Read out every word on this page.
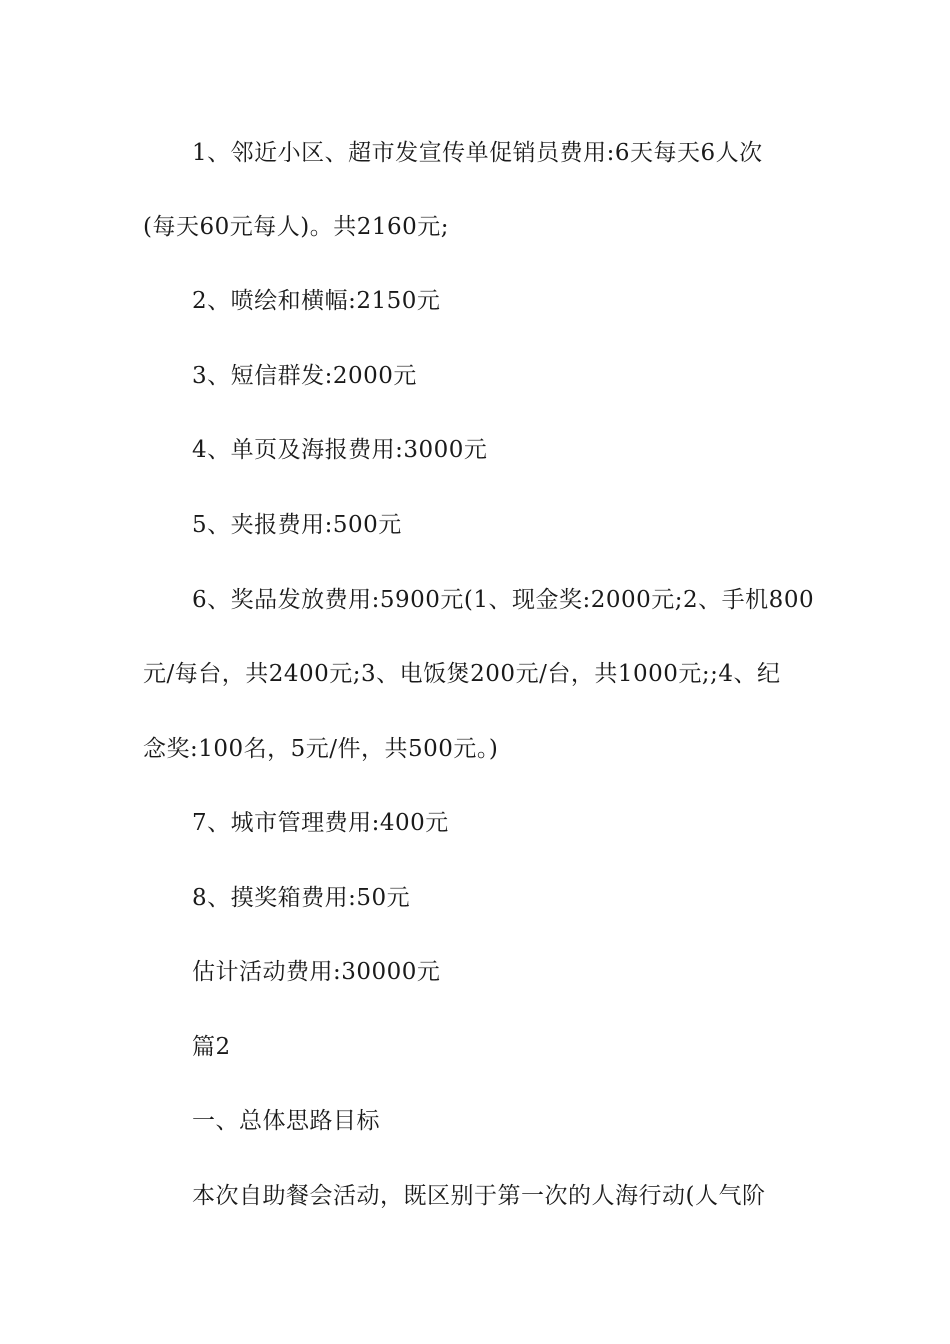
1、邻近小区、超市发宣传单促销员费用:6天每天6人次
(每天60元每人)。共2160元;
2、喷绘和横幅:2150元
3、短信群发:2000元
4、单页及海报费用:3000元
5、夹报费用:500元
6、奖品发放费用:5900元(1、现金奖:2000元;2、手机800
元/每台，共2400元;3、电饭煲200元/台，共1000元;;4、纪
念奖:100名，5元/件，共500元。)
7、城市管理费用:400元
8、摸奖箱费用:50元
估计活动费用:30000元
篇2
一、总体思路目标
本次自助餐会活动，既区别于第一次的人海行动(人气阶
